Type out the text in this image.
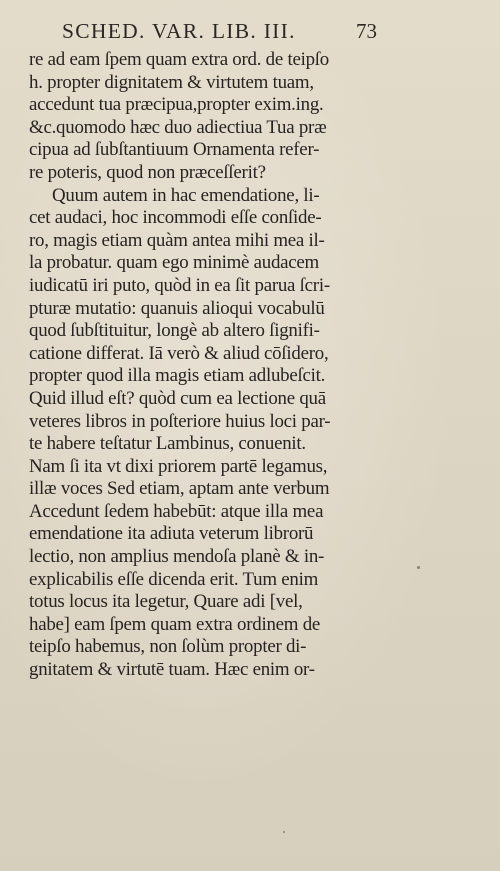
SCHED. VAR. LIB. III.	73
re ad eam ſpem quam extra ord. de teipſo
h. propter dignitatem & virtutem tuam,
accedunt tua præcipua,propter exim.ing.
&c.quomodo hæc duo adiectiua Tua præ
cipua ad ſubſtantiuum Ornamenta refer-
re poteris, quod non præceſſerit?
Quum autem in hac emendatione, li-
cet audaci, hoc incommodi eſſe conſide-
ro, magis etiam quàm antea mihi mea il-
la probatur. quam ego minimè audacem
iudicatū iri puto, quòd in ea ſit parua ſcri-
pturæ mutatio: quanuis alioqui vocabulū
quod ſubſtituitur, longè ab altero ſignifi-
catione differat. Iā verò & aliud cōſidero,
propter quod illa magis etiam adlubeſcit.
Quid illud eſt? quòd cum ea lectione quā
veteres libros in poſteriore huius loci par-
te habere teſtatur Lambinus, conuenit.
Nam ſi ita vt dixi priorem partē legamus,
illæ voces Sed etiam, aptam ante verbum
Accedunt ſedem habebūt: atque illa mea
emendatione ita adiuta veterum librorū
lectio, non amplius mendoſa planè & in-
explicabilis eſſe dicenda erit. Tum enim
totus locus ita legetur, Quare adi [vel,
habe] eam ſpem quam extra ordinem de
teipſo habemus, non ſolùm propter di-
gnitatem & virtutē tuam. Hæc enim or-
